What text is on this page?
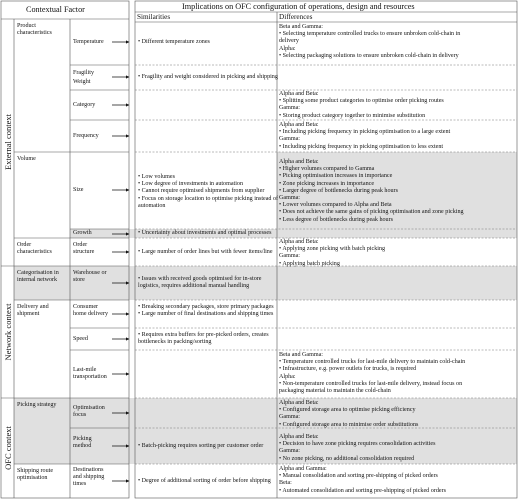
Contextual Factor	Implications on OFC configuration of operations, design and resources
Similarities	Differences
External context
Network context
OFC context
Product
characteristics
Volume
Order
characteristics
Categorisation in
internal network
Delivery and
shipment
Picking strategy
Shipping route
optimisation
Temperature
Fragility
Weight
Category
Frequency
Size
Growth
Order
structure
Warehouse or
store
Consumer
home delivery
Speed
Last-mile
transportation
Optimisation
focus
Picking
method
Destinations
and shipping
times
• Different temperature zones
• Fragility and weight considered in picking and shipping
• Low volumes
• Low degree of investments in automation
• Cannot require optimised shipments from supplier
• Focus on storage location to optimise picking instead of
automation
• Uncertainty about investments and optimal processes
• Large number of order lines but with fewer items/line
• Issues with received goods optimised for in-store
logistics, requires additional manual handling
• Breaking secondary packages, store primary packages
• Large number of final destinations and shipping times
• Requires extra buffers for pre-picked orders, creates
bottlenecks in packing/sorting
• Batch-picking requires sorting per customer order
• Degree of additional sorting of order before shipping
Beta and Gamma:
• Selecting temperature controlled trucks to ensure unbroken cold-chain in
delivery
Alpha:
• Selecting packaging solutions to ensure unbroken cold-chain in delivery
Alpha and Beta:
• Splitting some product categories to optimise order picking routes
Gamma:
• Storing product category together to minimise substitution
Alpha and Beta:
• Including picking frequency in picking optimisation to a large extent
Gamma:
• Including picking frequency in picking optimisation to less extent
Alpha and Beta:
• Higher volumes compared to Gamma
• Picking optimisation increases in importance
• Zone picking increases in importance
• Larger degree of bottlenecks during peak hours
Gamma:
• Lower volumes compared to Alpha and Beta
• Does not achieve the same gains of picking optimisation and zone picking
• Less degree of bottlenecks during peak hours
Alpha and Beta:
• Applying zone picking with batch picking
Gamma:
• Applying batch picking
Beta and Gamma:
• Temperature controlled trucks for last-mile delivery to maintain cold-chain
• Infrastructure, e.g. power outlets for trucks, is required
Alpha:
• Non-temperature controlled trucks for last-mile delivery, instead focus on
packaging material to maintain the cold-chain
Alpha and Beta:
• Configured storage area to optimise picking efficiency
Gamma:
• Configured storage area to minimise order substitutions
Alpha and Beta:
• Decision to have zone picking requires consolidation activities
Gamma:
• No zone picking, no additional consolidation required
Alpha and Gamma:
• Manual consolidation and sorting pre-shipping of picked orders
Beta:
• Automated consolidation and sorting pre-shipping of picked orders
